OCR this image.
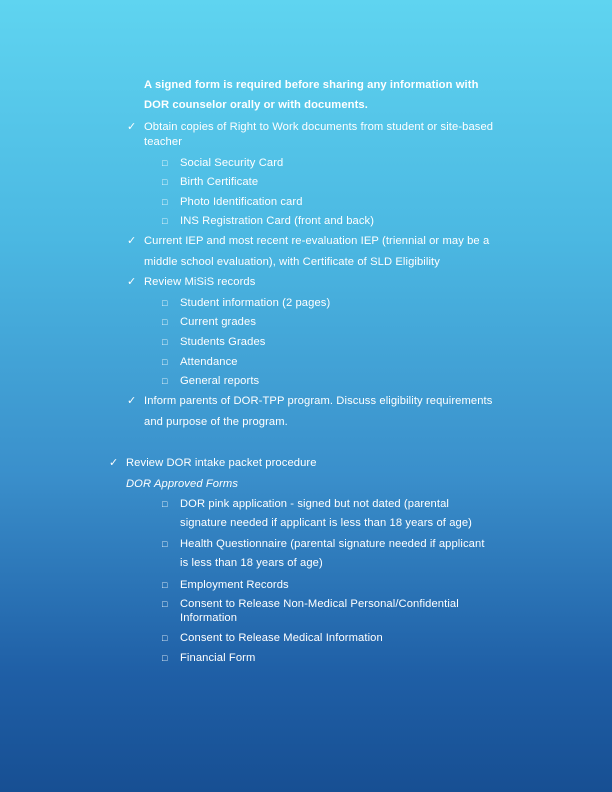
A signed form is required before sharing any information with
DOR counselor orally or with documents.
✓ Obtain copies of Right to Work documents from student or site-based
teacher
□ Social Security Card
□ Birth Certificate
□ Photo Identification card
□ INS Registration Card (front and back)
✓ Current IEP and most recent re-evaluation IEP (triennial or may be a
middle school evaluation), with Certificate of SLD Eligibility
✓ Review MiSiS records
□ Student information (2 pages)
□ Current grades
□ Students Grades
□ Attendance
□ General reports
✓ Inform parents of DOR-TPP program. Discuss eligibility requirements
and purpose of the program.
✓ Review DOR intake packet procedure
DOR Approved Forms
□ DOR pink application - signed but not dated (parental
signature needed if applicant is less than 18 years of age)
□ Health Questionnaire (parental signature needed if applicant
is less than 18 years of age)
□ Employment Records
□ Consent to Release Non-Medical Personal/Confidential
Information
□ Consent to Release Medical Information
□ Financial Form
